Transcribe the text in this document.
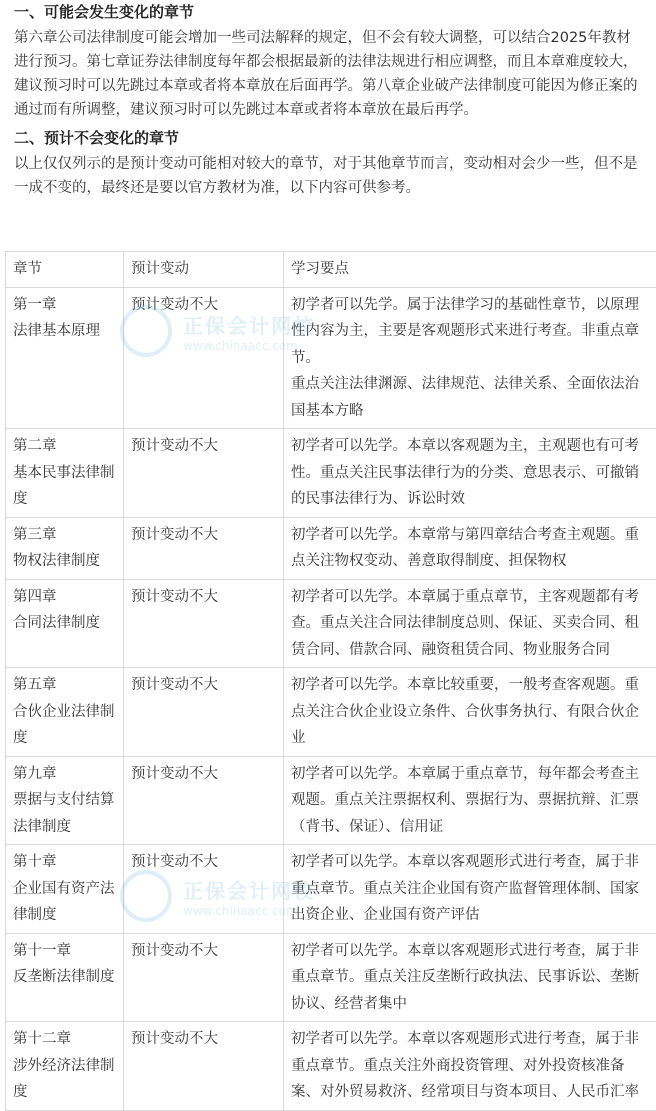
一、可能会发生变化的章节

第六章公司法律制度可能会增加一些司法解释的规定，但不会有较大调整，可以结合2025年教材进行预习。第七章证券法律制度每年都会根据最新的法律法规进行相应调整，而且本章难度较大，建议预习时可以先跳过本章或者将本章放在后面再学。第八章企业破产法律制度可能因为修正案的通过而有所调整，建议预习时可以先跳过本章或者将本章放在最后再学。

二、预计不会变化的章节

以上仅仅列示的是预计变动可能相对较大的章节，对于其他章节而言，变动相对会少一些，但不是一成不变的，最终还是要以官方教材为准，以下内容可供参考。

章节	预计变动	学习要点
第一章
法律基本原理	预计变动不大	初学者可以先学。属于法律学习的基础性章节，以原理性内容为主，主要是客观题形式来进行考查。非重点章节。
重点关注法律渊源、法律规范、法律关系、全面依法治国基本方略
第二章
基本民事法律制度	预计变动不大	初学者可以先学。本章以客观题为主，主观题也有可考性。重点关注民事法律行为的分类、意思表示、可撤销的民事法律行为、诉讼时效
第三章
物权法律制度	预计变动不大	初学者可以先学。本章常与第四章结合考查主观题。重点关注物权变动、善意取得制度、担保物权
第四章
合同法律制度	预计变动不大	初学者可以先学。本章属于重点章节，主客观题都有考查。重点关注合同法律制度总则、保证、买卖合同、租赁合同、借款合同、融资租赁合同、物业服务合同
第五章
合伙企业法律制度	预计变动不大	初学者可以先学。本章比较重要，一般考查客观题。重点关注合伙企业设立条件、合伙事务执行、有限合伙企业
第九章
票据与支付结算法律制度	预计变动不大	初学者可以先学。本章属于重点章节，每年都会考查主观题。重点关注票据权利、票据行为、票据抗辩、汇票（背书、保证）、信用证
第十章
企业国有资产法律制度	预计变动不大	初学者可以先学。本章以客观题形式进行考查，属于非重点章节。重点关注企业国有资产监督管理体制、国家出资企业、企业国有资产评估
第十一章
反垄断法律制度	预计变动不大	初学者可以先学。本章以客观题形式进行考查，属于非重点章节。重点关注反垄断行政执法、民事诉讼、垄断协议、经营者集中
第十二章
涉外经济法律制度	预计变动不大	初学者可以先学。本章以客观题形式进行考查，属于非重点章节。重点关注外商投资管理、对外投资核准备案、对外贸易救济、经常项目与资本项目、人民币汇率

正保会计网校
www.chinaacc.com

正保会计网校
www.chinaacc.com
